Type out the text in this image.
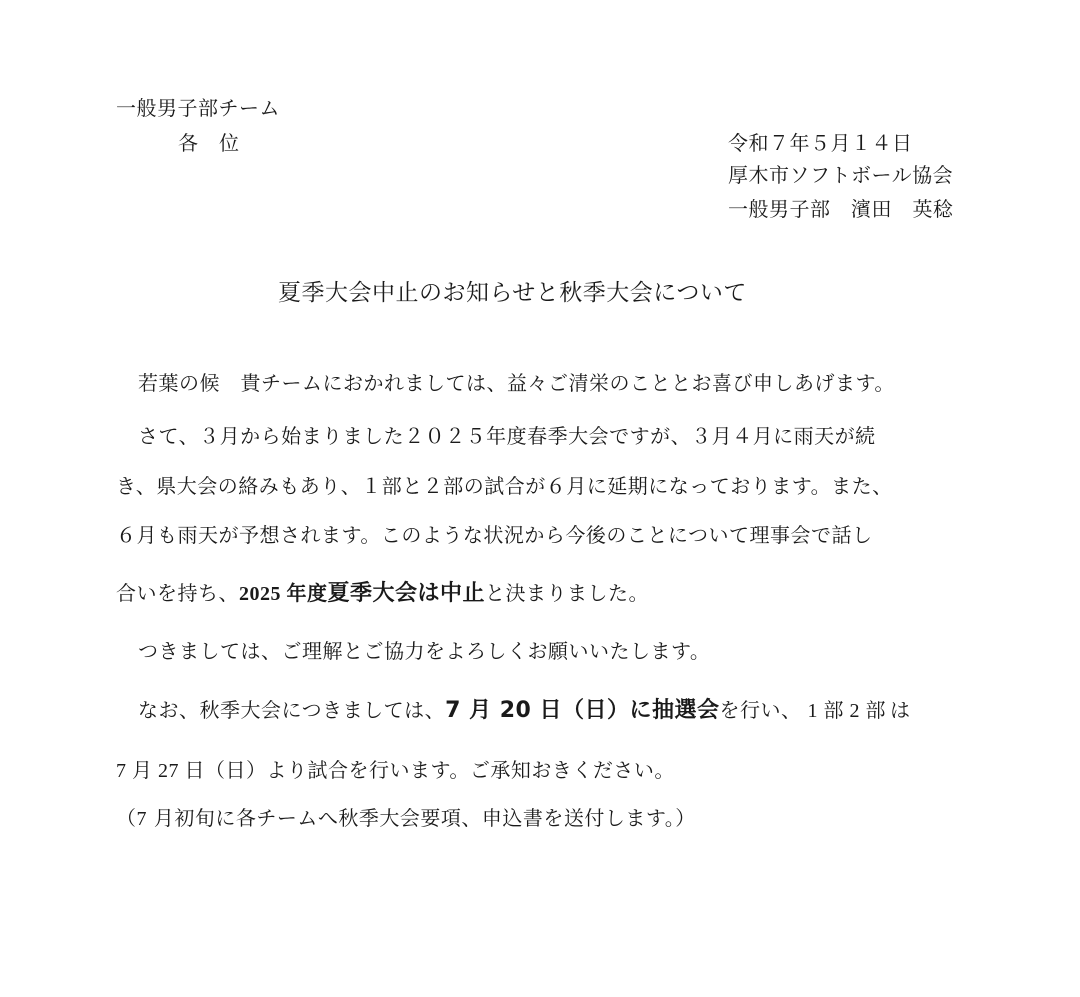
一般男子部チーム
各　位	令和７年５月１４日
厚木市ソフトボール協会
一般男子部　濱田　英稔
夏季大会中止のお知らせと秋季大会について
若葉の候　貴チームにおかれましては、益々ご清栄のこととお喜び申しあげます。
さて、３月から始まりました２０２５年度春季大会ですが、３月４月に雨天が続
き、県大会の絡みもあり、１部と２部の試合が６月に延期になっております。また、
６月も雨天が予想されます。このような状況から今後のことについて理事会で話し
合いを持ち、2025 年度夏季大会は中止と決まりました。
つきましては、ご理解とご協力をよろしくお願いいたします。
なお、秋季大会につきましては、7 月 20 日（日）に抽選会を行い、 1 部 2 部 は
7 月 27 日（日）より試合を行います。ご承知おきください。
（7 月初旬に各チームへ秋季大会要項、申込書を送付します。）
